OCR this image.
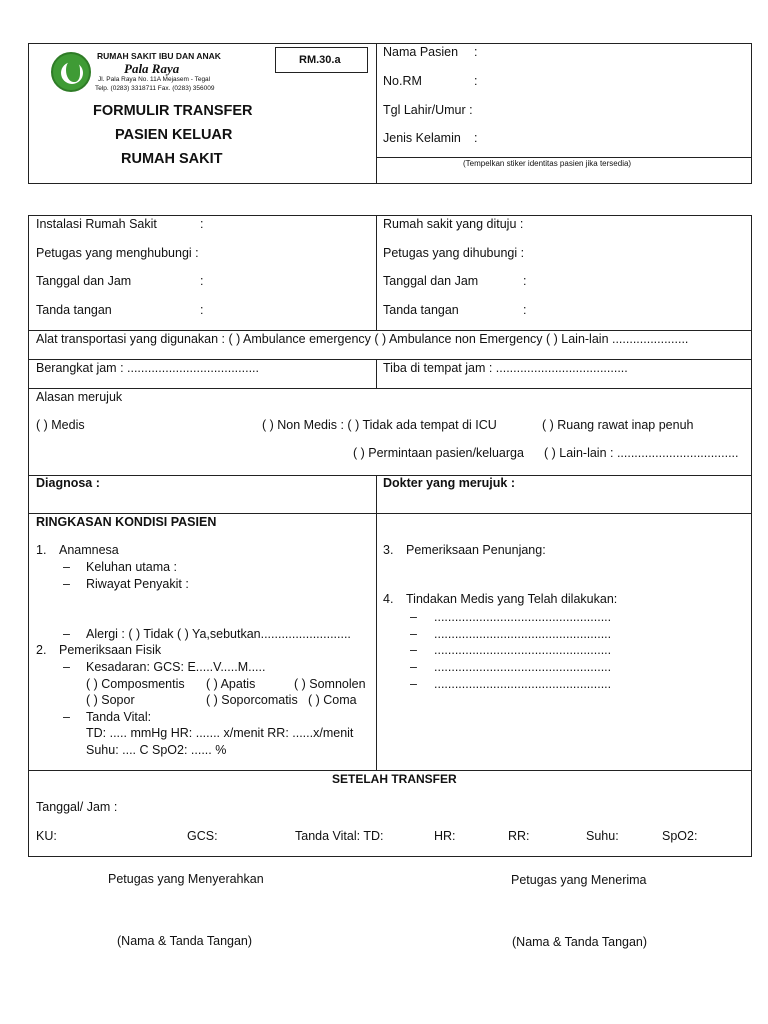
RUMAH SAKIT IBU DAN ANAK
Pala Raya
Jl. Pala Raya No. 11A Mejasem - Tegal
Telp. (0283) 3318711 Fax. (0283) 356009
RM.30.a
FORMULIR TRANSFER
PASIEN KELUAR
RUMAH SAKIT
Nama Pasien :
No.RM	:
Tgl Lahir/Umur :
Jenis Kelamin :
(Tempelkan stiker identitas pasien jika tersedia)
Instalasi Rumah Sakit	:
Petugas yang menghubungi :
Tanggal dan Jam	:
Tanda tangan	:
Rumah sakit yang dituju :
Petugas yang dihubungi :
Tanggal dan Jam	:
Tanda tangan	:
Alat transportasi yang digunakan : ( ) Ambulance emergency ( ) Ambulance non Emergency ( ) Lain-lain ......................
Berangkat jam : ......................................	Tiba di tempat jam : ......................................
Alasan merujuk
( ) Medis	( ) Non Medis : ( ) Tidak ada tempat di ICU	( ) Ruang rawat inap penuh
( ) Permintaan pasien/keluarga ( ) Lain-lain : ...................................
Diagnosa :	Dokter yang merujuk :
RINGKASAN KONDISI PASIEN
1. Anamnesa
– Keluhan utama :
– Riwayat Penyakit :
– Alergi : ( ) Tidak ( ) Ya,sebutkan..........................
2. Pemeriksaan Fisik
– Kesadaran: GCS: E.....V.....M.....
( ) Composmentis ( ) Apatis	( ) Somnolen
( ) Sopor	( ) Soporcomatis ( ) Coma
– Tanda Vital:
TD: ..... mmHg HR: ....... x/menit RR: ......x/menit
Suhu: .... C SpO2: ...... %
3. Pemeriksaan Penunjang:
4. Tindakan Medis yang Telah dilakukan:
– ...................................................
– ...................................................
– ...................................................
– ...................................................
– ...................................................
SETELAH TRANSFER
Tanggal/ Jam :
KU:	GCS:	Tanda Vital: TD:	HR:	RR:	Suhu:	SpO2:
Petugas yang Menyerahkan	Petugas yang Menerima
(Nama & Tanda Tangan)	(Nama & Tanda Tangan)
